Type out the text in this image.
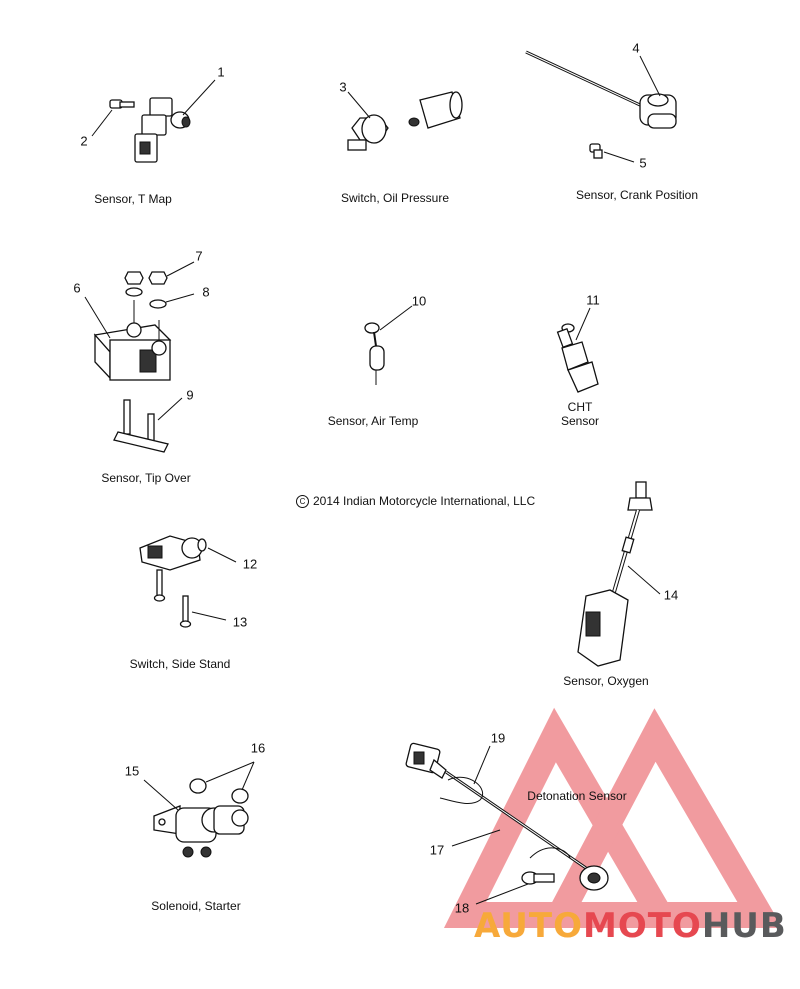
1
2
3
4
5
6
7
8
9
10	11
12
13
14
15
16
17
18
19
Sensor, T Map	Switch, Oil Pressure	Sensor, Crank Position
Sensor, Tip Over
Sensor, Air Temp
CHT
Sensor
Switch, Side Stand
Sensor, Oxygen
Solenoid, Starter
Detonation Sensor
C 2014 Indian Motorcycle International, LLC
AUTOMOTOHUB
